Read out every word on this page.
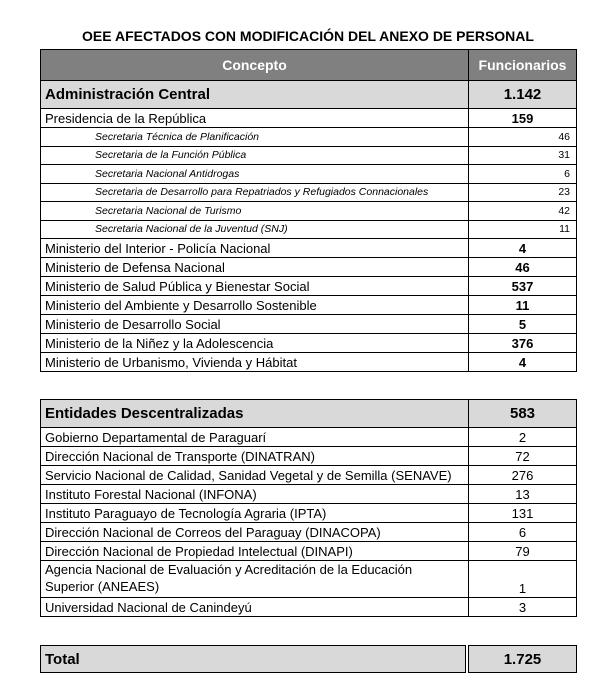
OEE AFECTADOS CON MODIFICACIÓN DEL ANEXO DE PERSONAL
Concepto	Funcionarios
Administración Central	1.142
Presidencia de la República	159
Secretaria Técnica de Planificación	46
Secretaria de la Función Pública	31
Secretaria Nacional Antidrogas	6
Secretaria de Desarrollo para Repatriados y Refugiados Connacionales	23
Secretaria Nacional de Turismo	42
Secretaria Nacional de la Juventud (SNJ)	11
Ministerio del Interior - Policía Nacional	4
Ministerio de Defensa Nacional	46
Ministerio de Salud Pública y Bienestar Social	537
Ministerio del Ambiente y Desarrollo Sostenible	11
Ministerio de Desarrollo Social	5
Ministerio de la Niñez y la Adolescencia	376
Ministerio de Urbanismo, Vivienda y Hábitat	4
Entidades Descentralizadas	583
Gobierno Departamental de Paraguarí	2
Dirección Nacional de Transporte (DINATRAN)	72
Servicio Nacional de Calidad, Sanidad Vegetal y de Semilla (SENAVE)	276
Instituto Forestal Nacional (INFONA)	13
Instituto Paraguayo de Tecnología Agraria (IPTA)	131
Dirección Nacional de Correos del Paraguay (DINACOPA)	6
Dirección Nacional de Propiedad Intelectual (DINAPI)	79
Agencia Nacional de Evaluación y Acreditación de la Educación Superior (ANEAES)	1
Universidad Nacional de Canindeyú	3
Total		1.725
